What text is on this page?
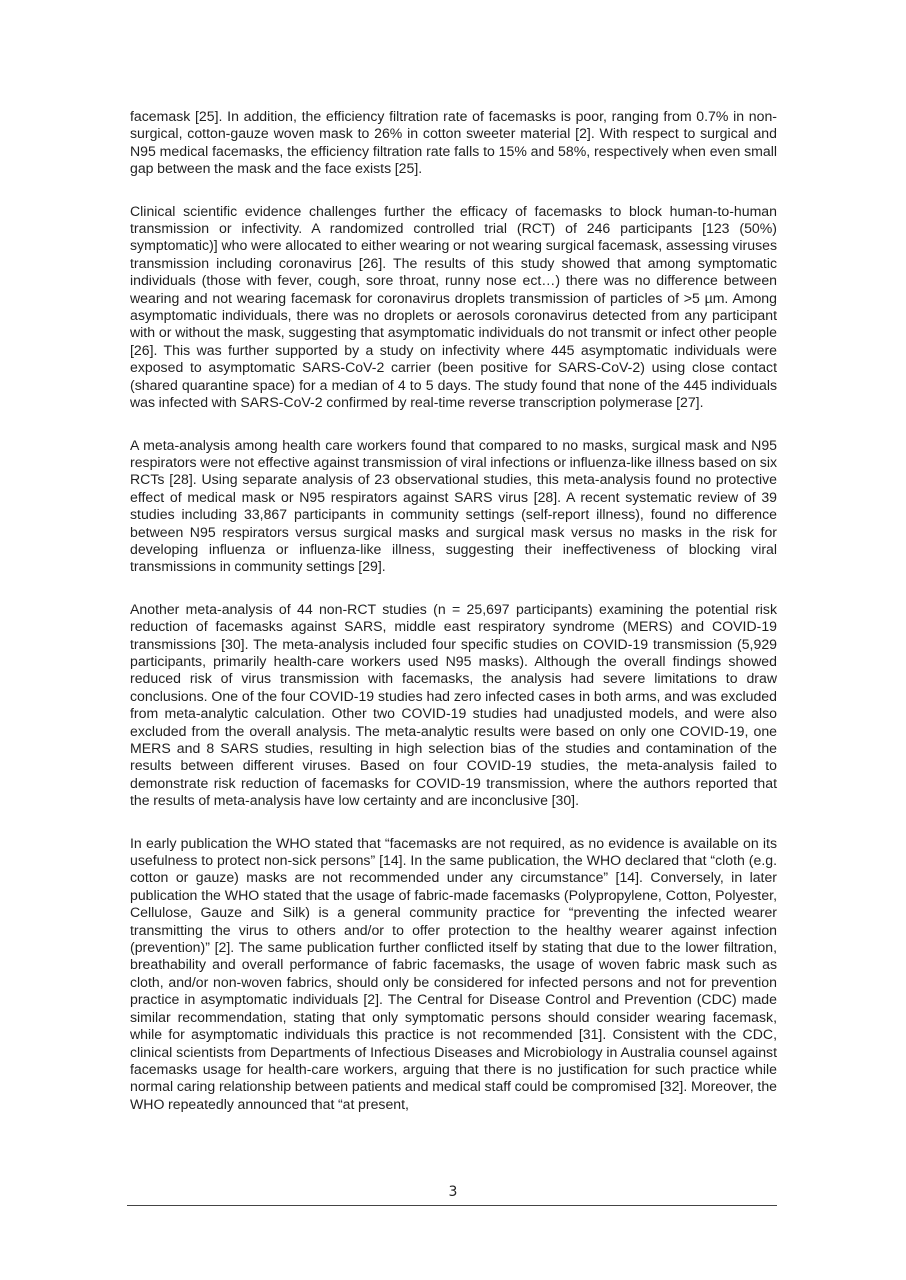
facemask [25]. In addition, the efficiency filtration rate of facemasks is poor, ranging from 0.7% in non-surgical, cotton-gauze woven mask to 26% in cotton sweeter material [2]. With respect to surgical and N95 medical facemasks, the efficiency filtration rate falls to 15% and 58%, respectively when even small gap between the mask and the face exists [25].

Clinical scientific evidence challenges further the efficacy of facemasks to block human-to-human transmission or infectivity. A randomized controlled trial (RCT) of 246 participants [123 (50%) symptomatic)] who were allocated to either wearing or not wearing surgical facemask, assessing viruses transmission including coronavirus [26]. The results of this study showed that among symptomatic individuals (those with fever, cough, sore throat, runny nose ect…) there was no difference between wearing and not wearing facemask for coronavirus droplets transmission of particles of >5 µm. Among asymptomatic individuals, there was no droplets or aerosols coronavirus detected from any participant with or without the mask, suggesting that asymptomatic individuals do not transmit or infect other people [26]. This was further supported by a study on infectivity where 445 asymptomatic individuals were exposed to asymptomatic SARS-CoV-2 carrier (been positive for SARS-CoV-2) using close contact (shared quarantine space) for a median of 4 to 5 days. The study found that none of the 445 individuals was infected with SARS-CoV-2 confirmed by real-time reverse transcription polymerase [27].

A meta-analysis among health care workers found that compared to no masks, surgical mask and N95 respirators were not effective against transmission of viral infections or influenza-like illness based on six RCTs [28]. Using separate analysis of 23 observational studies, this meta-analysis found no protective effect of medical mask or N95 respirators against SARS virus [28]. A recent systematic review of 39 studies including 33,867 participants in community settings (self-report illness), found no difference between N95 respirators versus surgical masks and surgical mask versus no masks in the risk for developing influenza or influenza-like illness, suggesting their ineffectiveness of blocking viral transmissions in community settings [29].

Another meta-analysis of 44 non-RCT studies (n = 25,697 participants) examining the potential risk reduction of facemasks against SARS, middle east respiratory syndrome (MERS) and COVID-19 transmissions [30]. The meta-analysis included four specific studies on COVID-19 transmission (5,929 participants, primarily health-care workers used N95 masks). Although the overall findings showed reduced risk of virus transmission with facemasks, the analysis had severe limitations to draw conclusions. One of the four COVID-19 studies had zero infected cases in both arms, and was excluded from meta-analytic calculation. Other two COVID-19 studies had unadjusted models, and were also excluded from the overall analysis. The meta-analytic results were based on only one COVID-19, one MERS and 8 SARS studies, resulting in high selection bias of the studies and contamination of the results between different viruses. Based on four COVID-19 studies, the meta-analysis failed to demonstrate risk reduction of facemasks for COVID-19 transmission, where the authors reported that the results of meta-analysis have low certainty and are inconclusive [30].

In early publication the WHO stated that “facemasks are not required, as no evidence is available on its usefulness to protect non-sick persons” [14]. In the same publication, the WHO declared that “cloth (e.g. cotton or gauze) masks are not recommended under any circumstance” [14]. Conversely, in later publication the WHO stated that the usage of fabric-made facemasks (Polypropylene, Cotton, Polyester, Cellulose, Gauze and Silk) is a general community practice for “preventing the infected wearer transmitting the virus to others and/or to offer protection to the healthy wearer against infection (prevention)” [2]. The same publication further conflicted itself by stating that due to the lower filtration, breathability and overall performance of fabric facemasks, the usage of woven fabric mask such as cloth, and/or non-woven fabrics, should only be considered for infected persons and not for prevention practice in asymptomatic individuals [2]. The Central for Disease Control and Prevention (CDC) made similar recommendation, stating that only symptomatic persons should consider wearing facemask, while for asymptomatic individuals this practice is not recommended [31]. Consistent with the CDC, clinical scientists from Departments of Infectious Diseases and Microbiology in Australia counsel against facemasks usage for health-care workers, arguing that there is no justification for such practice while normal caring relationship between patients and medical staff could be compromised [32]. Moreover, the WHO repeatedly announced that “at present,

3
